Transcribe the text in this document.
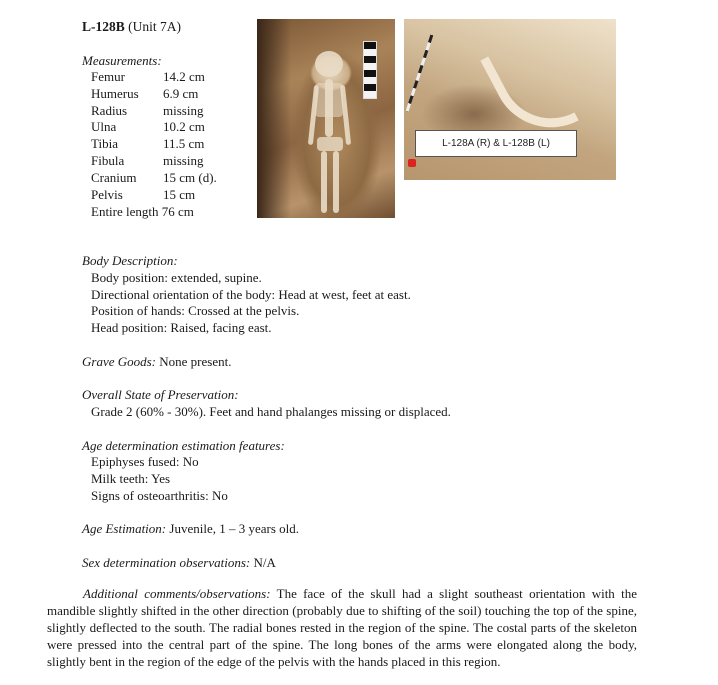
L-128B (Unit 7A)
Measurements:
Femur	14.2 cm
Humerus	6.9 cm
Radius	missing
Ulna	10.2 cm
Tibia	11.5 cm
Fibula	missing
Cranium	15 cm (d).
Pelvis	15 cm
Entire length 76 cm
L-128A (R) & L-128B (L)
Body Description:
Body position: extended, supine.
Directional orientation of the body: Head at west, feet at east.
Position of hands: Crossed at the pelvis.
Head position: Raised, facing east.
Grave Goods: None present.
Overall State of Preservation:
Grade 2 (60% - 30%). Feet and hand phalanges missing or displaced.
Age determination estimation features:
Epiphyses fused: No
Milk teeth: Yes
Signs of osteoarthritis: No
Age Estimation: Juvenile, 1 – 3 years old.
Sex determination observations: N/A
Additional comments/observations: The face of the skull had a slight southeast orientation with the mandible slightly shifted in the other direction (probably due to shifting of the soil) touching the top of the spine, slightly deflected to the south. The radial bones rested in the region of the spine. The costal parts of the skeleton were pressed into the central part of the spine. The long bones of the arms were elongated along the body, slightly bent in the region of the edge of the pelvis with the hands placed in this region.
